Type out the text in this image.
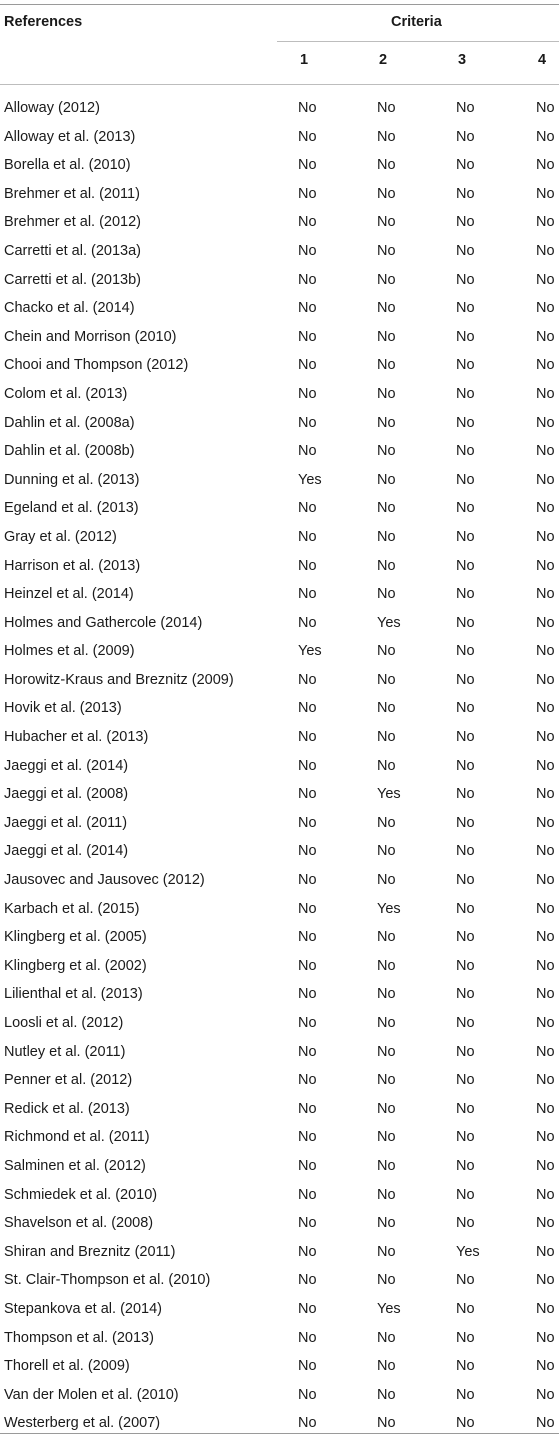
References	Criteria
1	2	3	4
Alloway (2012)	No	No	No	No
Alloway et al. (2013)	No	No	No	No
Borella et al. (2010)	No	No	No	No
Brehmer et al. (2011)	No	No	No	No
Brehmer et al. (2012)	No	No	No	No
Carretti et al. (2013a)	No	No	No	No
Carretti et al. (2013b)	No	No	No	No
Chacko et al. (2014)	No	No	No	No
Chein and Morrison (2010)	No	No	No	No
Chooi and Thompson (2012)	No	No	No	No
Colom et al. (2013)	No	No	No	No
Dahlin et al. (2008a)	No	No	No	No
Dahlin et al. (2008b)	No	No	No	No
Dunning et al. (2013)	Yes	No	No	No
Egeland et al. (2013)	No	No	No	No
Gray et al. (2012)	No	No	No	No
Harrison et al. (2013)	No	No	No	No
Heinzel et al. (2014)	No	No	No	No
Holmes and Gathercole (2014)	No	Yes	No	No
Holmes et al. (2009)	Yes	No	No	No
Horowitz-Kraus and Breznitz (2009)	No	No	No	No
Hovik et al. (2013)	No	No	No	No
Hubacher et al. (2013)	No	No	No	No
Jaeggi et al. (2014)	No	No	No	No
Jaeggi et al. (2008)	No	Yes	No	No
Jaeggi et al. (2011)	No	No	No	No
Jaeggi et al. (2014)	No	No	No	No
Jausovec and Jausovec (2012)	No	No	No	No
Karbach et al. (2015)	No	Yes	No	No
Klingberg et al. (2005)	No	No	No	No
Klingberg et al. (2002)	No	No	No	No
Lilienthal et al. (2013)	No	No	No	No
Loosli et al. (2012)	No	No	No	No
Nutley et al. (2011)	No	No	No	No
Penner et al. (2012)	No	No	No	No
Redick et al. (2013)	No	No	No	No
Richmond et al. (2011)	No	No	No	No
Salminen et al. (2012)	No	No	No	No
Schmiedek et al. (2010)	No	No	No	No
Shavelson et al. (2008)	No	No	No	No
Shiran and Breznitz (2011)	No	No	Yes	No
St. Clair-Thompson et al. (2010)	No	No	No	No
Stepankova et al. (2014)	No	Yes	No	No
Thompson et al. (2013)	No	No	No	No
Thorell et al. (2009)	No	No	No	No
Van der Molen et al. (2010)	No	No	No	No
Westerberg et al. (2007)	No	No	No	No
